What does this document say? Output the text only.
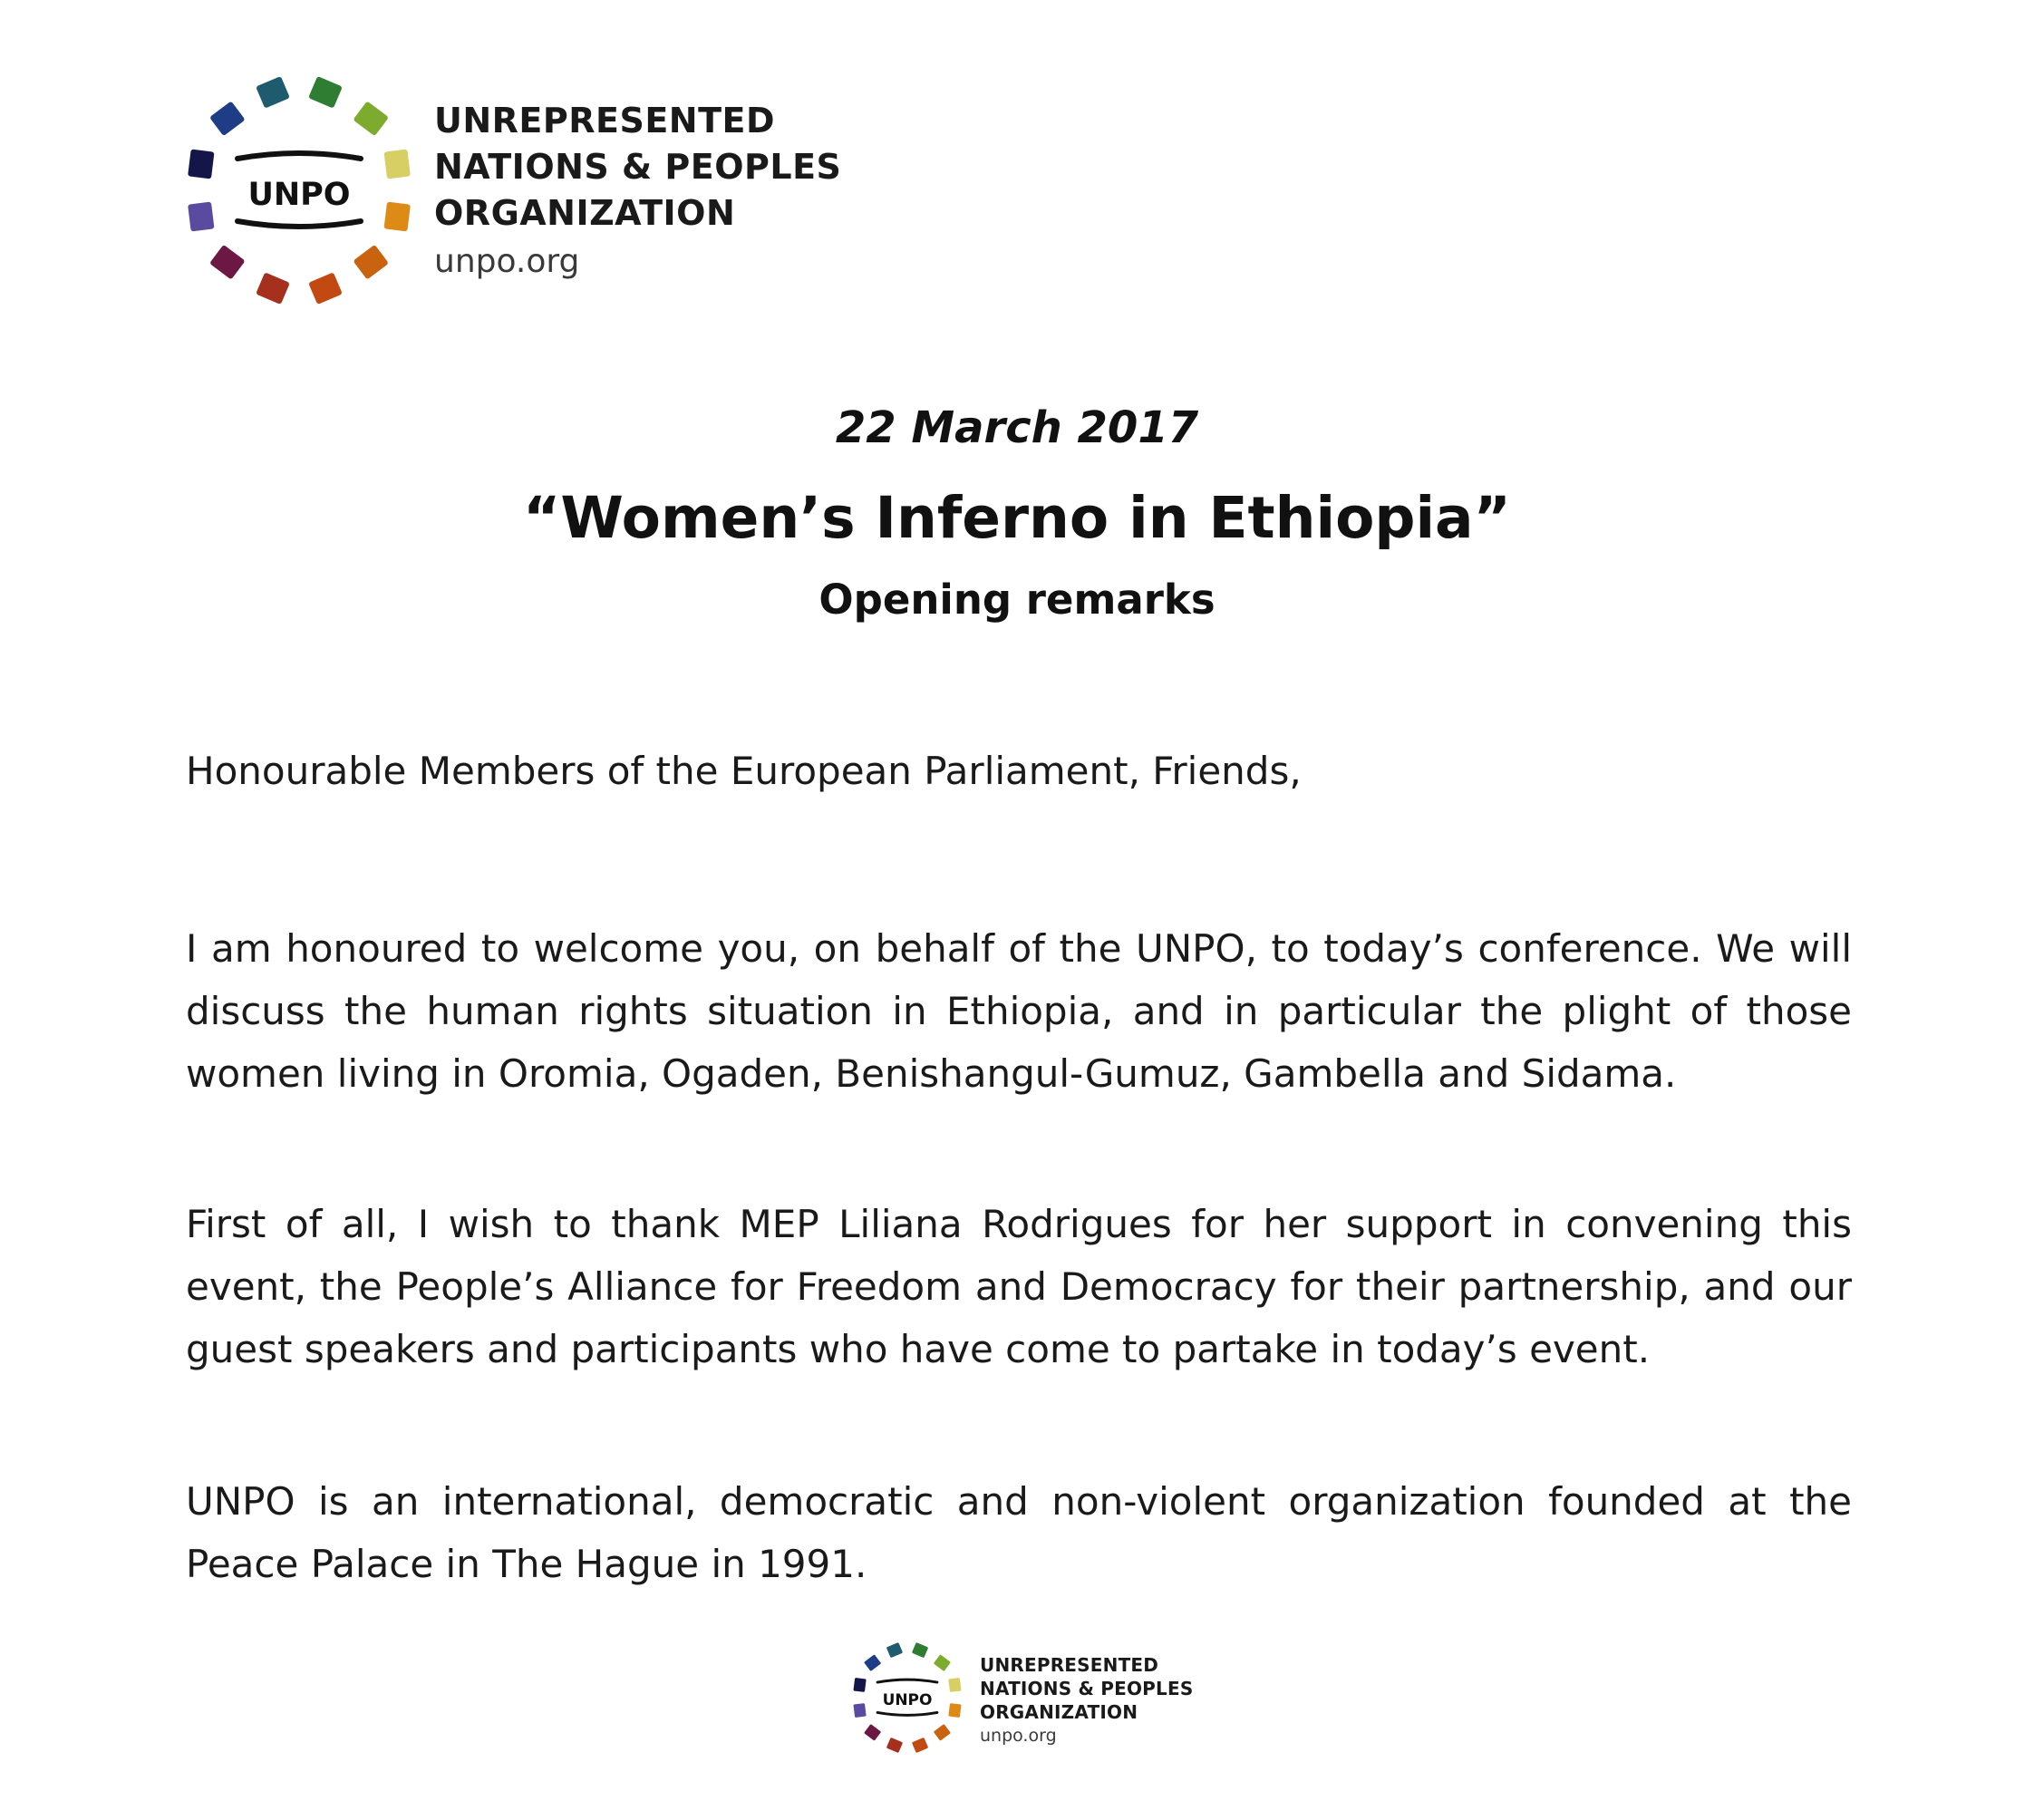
UNPO
UNREPRESENTED
NATIONS & PEOPLES
ORGANIZATION
unpo.org
22 March 2017
“Women’s Inferno in Ethiopia”
Opening remarks
Honourable Members of the European Parliament, Friends,

I am honoured to welcome you, on behalf of the UNPO, to today’s conference. We will discuss the human rights situation in Ethiopia, and in particular the plight of those women living in Oromia, Ogaden, Benishangul-Gumuz, Gambella and Sidama.

First of all, I wish to thank MEP Liliana Rodrigues for her support in convening this event, the People’s Alliance for Freedom and Democracy for their partnership, and our guest speakers and participants who have come to partake in today’s event.

UNPO is an international, democratic and non-violent organization founded at the Peace Palace in The Hague in 1991.

UNPO
UNREPRESENTED
NATIONS & PEOPLES
ORGANIZATION
unpo.org
